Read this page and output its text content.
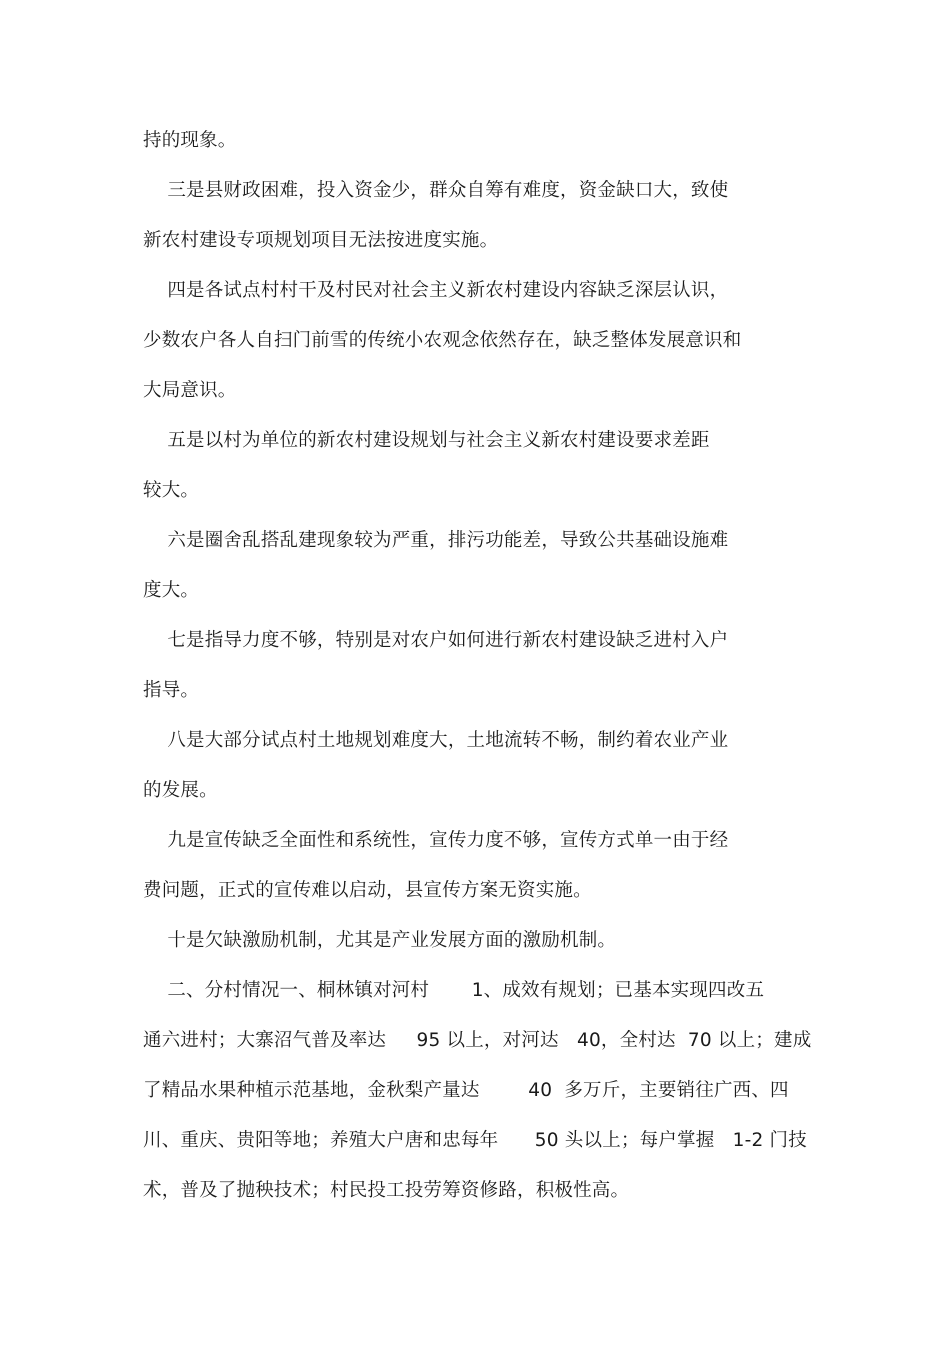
持的现象。
三是县财政困难，投入资金少，群众自筹有难度，资金缺口大，致使
新农村建设专项规划项目无法按进度实施。
四是各试点村村干及村民对社会主义新农村建设内容缺乏深层认识，
少数农户各人自扫门前雪的传统小农观念依然存在，缺乏整体发展意识和
大局意识。
五是以村为单位的新农村建设规划与社会主义新农村建设要求差距
较大。
六是圈舍乱搭乱建现象较为严重，排污功能差，导致公共基础设施难
度大。
七是指导力度不够，特别是对农户如何进行新农村建设缺乏进村入户
指导。
八是大部分试点村土地规划难度大，土地流转不畅，制约着农业产业
的发展。
九是宣传缺乏全面性和系统性，宣传力度不够，宣传方式单一由于经
费问题，正式的宣传难以启动，县宣传方案无资实施。
十是欠缺激励机制，尤其是产业发展方面的激励机制。
二、分村情况一、桐林镇对河村       1、成效有规划；已基本实现四改五
通六进村；大寨沼气普及率达     95 以上，对河达   40，全村达  70 以上；建成
了精品水果种植示范基地，金秋梨产量达        40  多万斤，主要销往广西、四
川、重庆、贵阳等地；养殖大户唐和忠每年      50 头以上；每户掌握   1-2 门技
术，普及了抛秧技术；村民投工投劳筹资修路，积极性高。
